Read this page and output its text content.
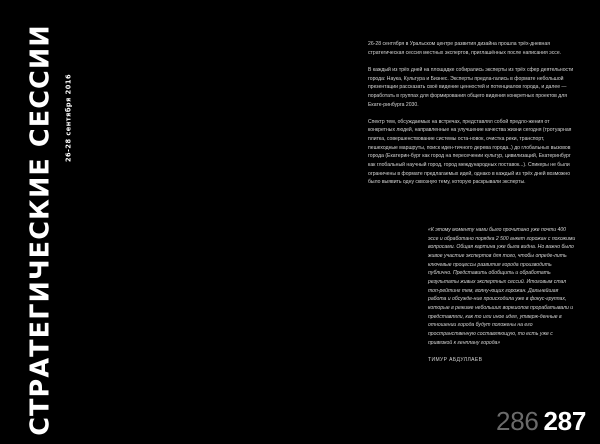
СТРАТЕГИЧЕСКИЕ СЕССИИ 26-28 сентября 2016

26-28 сентября в Уральском центре развития дизайна прошла трёх-дневная стратегическая сессия местных экспертов, приглашённых после написания эссе.

В каждый из трёх дней на площадке собирались эксперты из трёх сфер деятельности города: Наука, Культура и Бизнес. Эксперты предла-гались в формате небольшой презентации рассказать своё видение ценностей и потенциалов города, и далее — поработать в группах для формирования общего видения конкретных проектов для Екате-ринбурга 2030.

Спектр тем, обсуждаемых на встречах, представлял собой предло-жения от конкретных людей, направленные на улучшение качества жизни сегодня (тротуарная плитка, совершенствование системы оста-новок, очистка реки, транспорт, пешеходные маршруты, поиск иден-тичного дерева города..) до глобальных вызовов города (Екатерин-бург как город на пересечении культур, цивилизаций, Екатеринбург как глобальный научный город, город международных поставок...). Спикеры не были ограничены в формате предлагаемых идей, однако в каждый из трёх дней возможно было выявить одну сквозную тему, которую раскрывали эксперты.

«К этому моменту нами было прочитано уже почти 400 эссе и обработано порядка 2 500 анкет горожан с похожими вопросами. Общая картина уже была видна. Но важно было живое участие экспертов для того, чтобы опреде-лить ключевые процессы развития города производить публично. Представить обобщить и обработать результаты живых экспертных сессий. Итоговым стал топ-рейтинг тем, волну-ющих горожан. Дальнейшая работа и обсужде-ние происходила уже в фокус-группах, которые в режиме небольших воркшопов прорабатывали и представляли, как то или иное идея, утверж-денные в отношении города будут положены на его пространственную составляющую, то есть уже с привязкой к генплану города»
ТИМУР АБДУЛЛАЕВ
286 287
